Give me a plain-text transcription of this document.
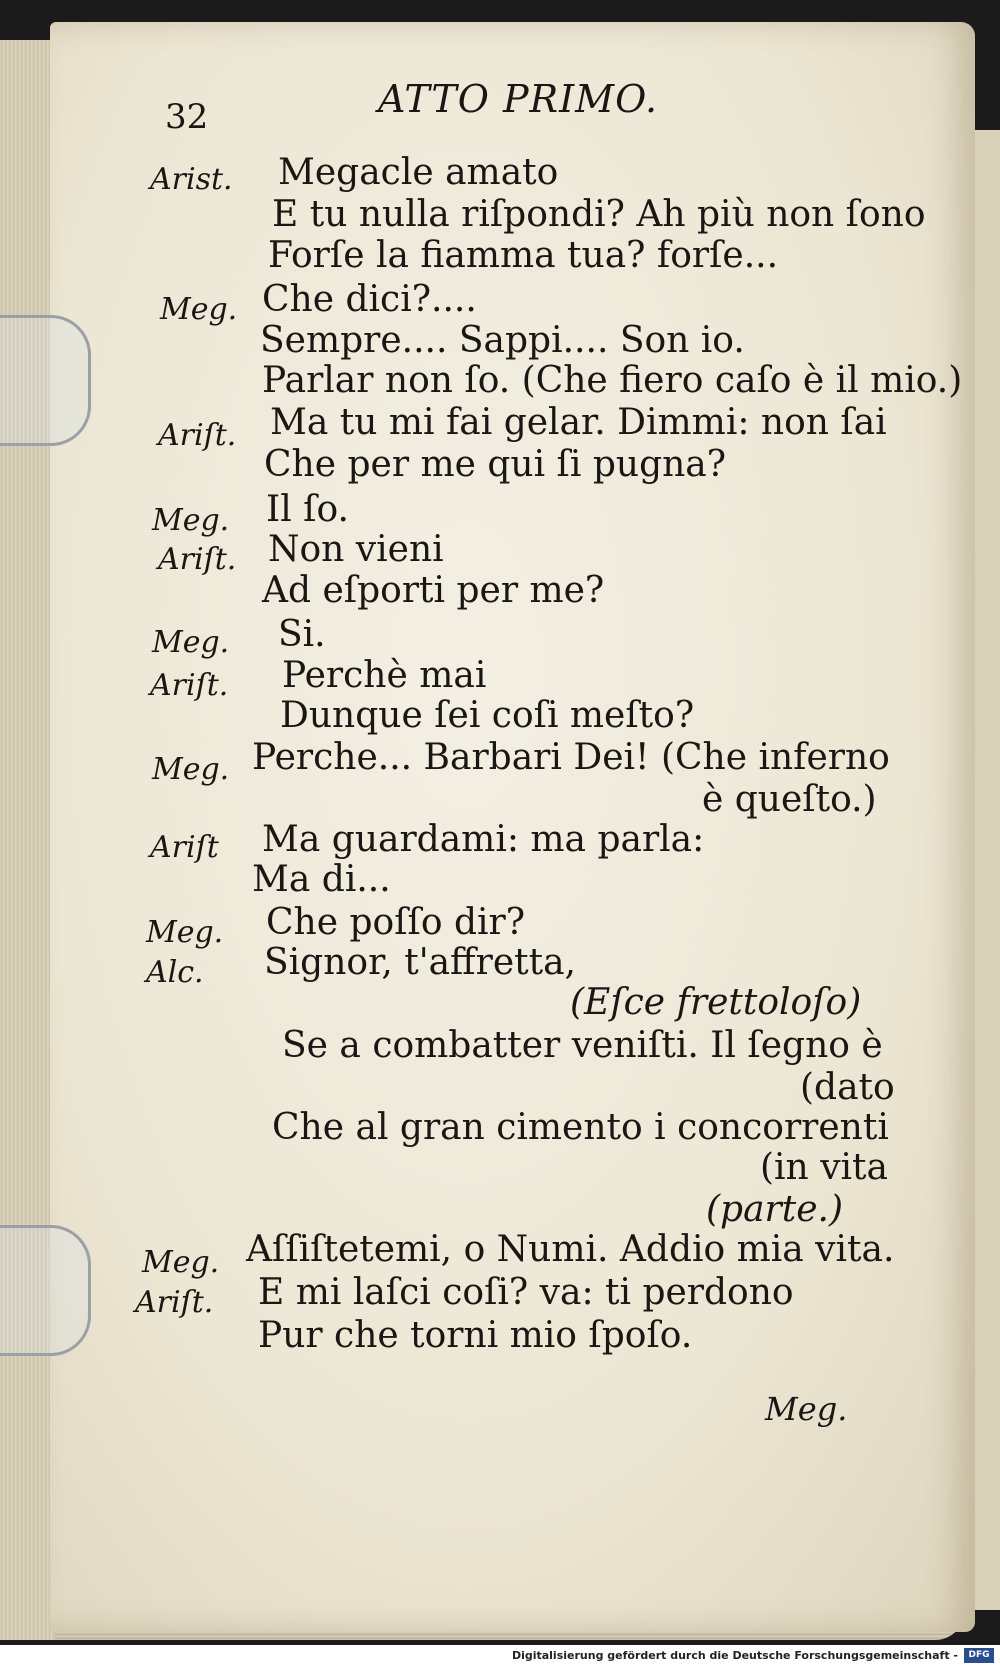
32	ATTO PRIMO.
Arist. Megacle amato
E tu nulla riſpondi? Ah più non ſono
Forſe la fiamma tua? forſe...
Meg. Che dici?....
Sempre.... Sappi.... Son io.
Parlar non ſo. (Che fiero caſo è il mio.)
Ariſt. Ma tu mi fai gelar. Dimmi: non ſai
Che per me qui ſi pugna?
Meg. Il ſo.
Ariſt. Non vieni
Ad eſporti per me?
Meg. Si.
Ariſt. Perchè mai
Dunque ſei coſi meſto?
Meg. Perche... Barbari Dei! (Che inferno
è queſto.)
Ariſt Ma guardami: ma parla:
Ma di...
Meg. Che poſſo dir?
Alc. Signor, t'affretta,
(Eſce frettoloſo)
Se a combatter veniſti. Il ſegno è
(dato
Che al gran cimento i concorrenti
(in vita
(parte.)
Meg. Aſſiſtetemi, o Numi. Addio mia vita.
Ariſt. E mi laſci coſi? va: ti perdono
Pur che torni mio ſpoſo.
Meg.
Digitalisierung gefördert durch die Deutsche Forschungsgemeinschaft -	DFG
